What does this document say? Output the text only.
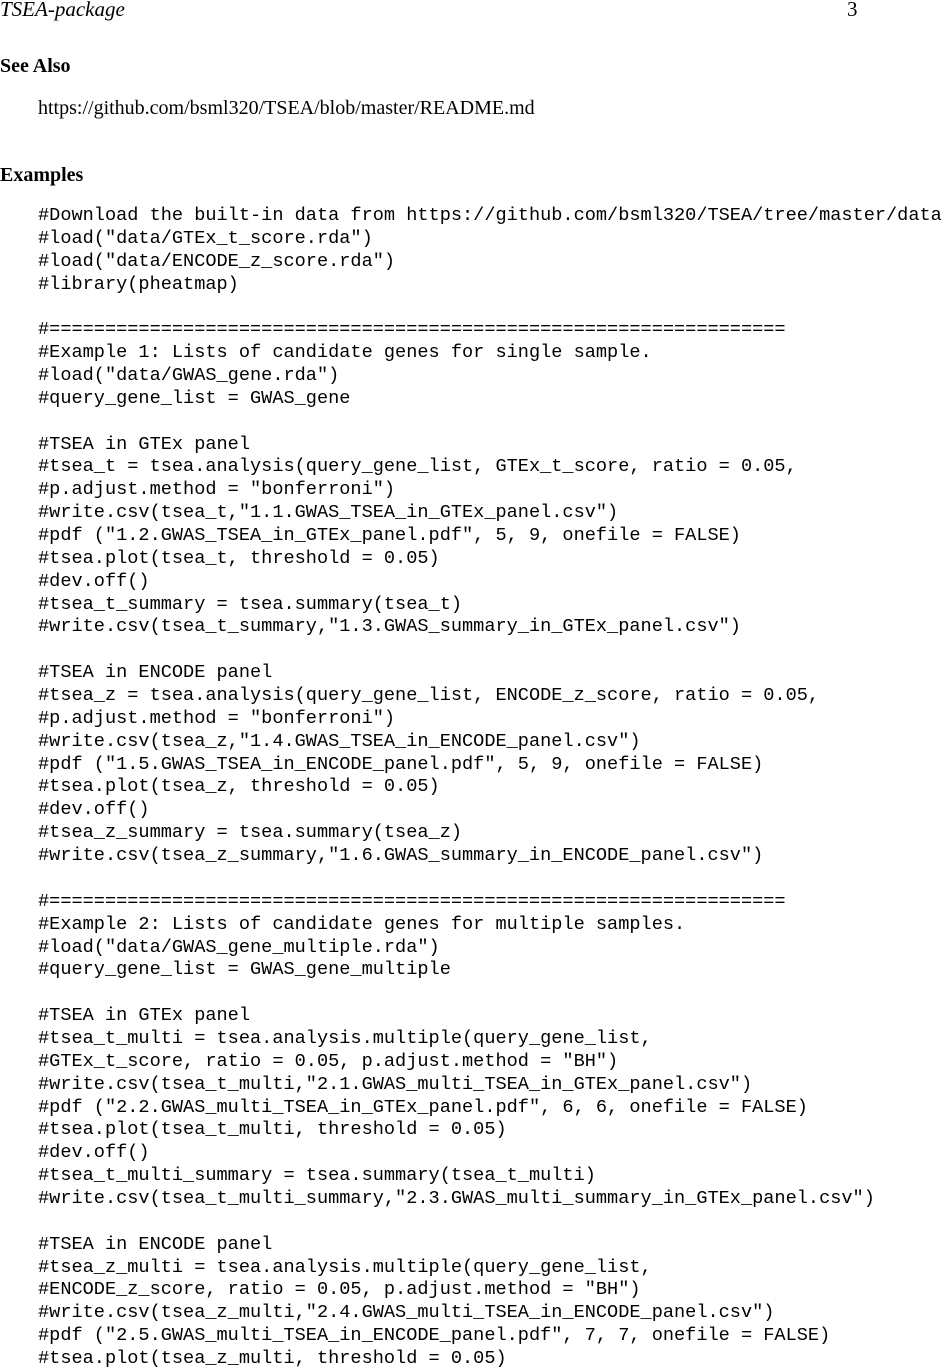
TSEA-package	3
See Also
https://github.com/bsml320/TSEA/blob/master/README.md
Examples
#Download the built-in data from https://github.com/bsml320/TSEA/tree/master/data
#load("data/GTEx_t_score.rda")
#load("data/ENCODE_z_score.rda")
#library(pheatmap)
#==================================================================
#Example 1: Lists of candidate genes for single sample.
#load("data/GWAS_gene.rda")
#query_gene_list = GWAS_gene
#TSEA in GTEx panel
#tsea_t = tsea.analysis(query_gene_list, GTEx_t_score, ratio = 0.05,
#p.adjust.method = "bonferroni")
#write.csv(tsea_t,"1.1.GWAS_TSEA_in_GTEx_panel.csv")
#pdf ("1.2.GWAS_TSEA_in_GTEx_panel.pdf", 5, 9, onefile = FALSE)
#tsea.plot(tsea_t, threshold = 0.05)
#dev.off()
#tsea_t_summary = tsea.summary(tsea_t)
#write.csv(tsea_t_summary,"1.3.GWAS_summary_in_GTEx_panel.csv")
#TSEA in ENCODE panel
#tsea_z = tsea.analysis(query_gene_list, ENCODE_z_score, ratio = 0.05,
#p.adjust.method = "bonferroni")
#write.csv(tsea_z,"1.4.GWAS_TSEA_in_ENCODE_panel.csv")
#pdf ("1.5.GWAS_TSEA_in_ENCODE_panel.pdf", 5, 9, onefile = FALSE)
#tsea.plot(tsea_z, threshold = 0.05)
#dev.off()
#tsea_z_summary = tsea.summary(tsea_z)
#write.csv(tsea_z_summary,"1.6.GWAS_summary_in_ENCODE_panel.csv")
#==================================================================
#Example 2: Lists of candidate genes for multiple samples.
#load("data/GWAS_gene_multiple.rda")
#query_gene_list = GWAS_gene_multiple
#TSEA in GTEx panel
#tsea_t_multi = tsea.analysis.multiple(query_gene_list,
#GTEx_t_score, ratio = 0.05, p.adjust.method = "BH")
#write.csv(tsea_t_multi,"2.1.GWAS_multi_TSEA_in_GTEx_panel.csv")
#pdf ("2.2.GWAS_multi_TSEA_in_GTEx_panel.pdf", 6, 6, onefile = FALSE)
#tsea.plot(tsea_t_multi, threshold = 0.05)
#dev.off()
#tsea_t_multi_summary = tsea.summary(tsea_t_multi)
#write.csv(tsea_t_multi_summary,"2.3.GWAS_multi_summary_in_GTEx_panel.csv")
#TSEA in ENCODE panel
#tsea_z_multi = tsea.analysis.multiple(query_gene_list,
#ENCODE_z_score, ratio = 0.05, p.adjust.method = "BH")
#write.csv(tsea_z_multi,"2.4.GWAS_multi_TSEA_in_ENCODE_panel.csv")
#pdf ("2.5.GWAS_multi_TSEA_in_ENCODE_panel.pdf", 7, 7, onefile = FALSE)
#tsea.plot(tsea_z_multi, threshold = 0.05)
